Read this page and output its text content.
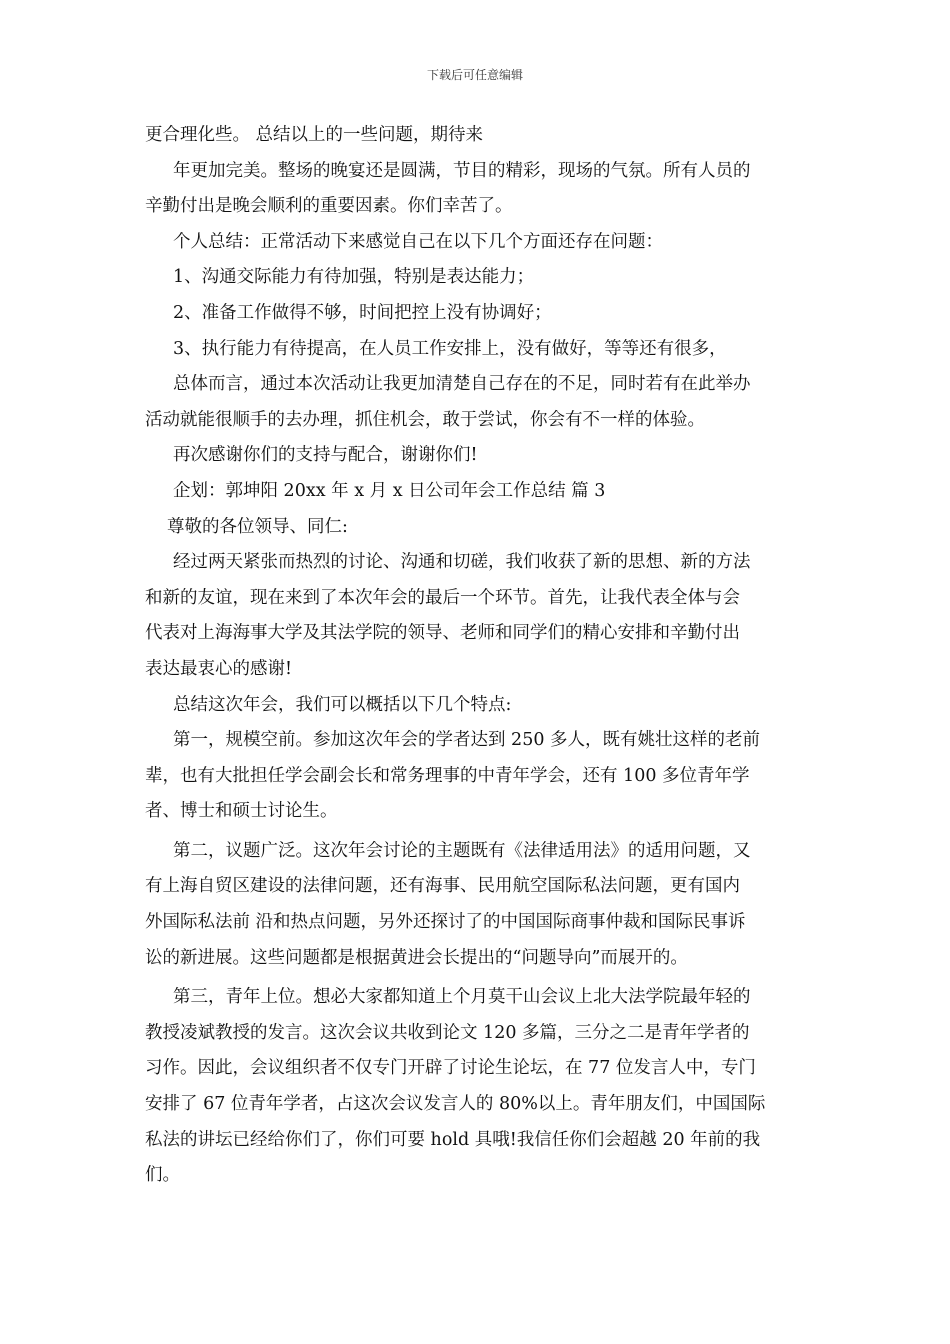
下载后可任意编辑

更合理化些。 总结以上的一些问题，期待来

年更加完美。整场的晚宴还是圆满，节目的精彩，现场的气氛。所有人员的

辛勤付出是晚会顺利的重要因素。你们幸苦了。

个人总结：正常活动下来感觉自己在以下几个方面还存在问题：

1、沟通交际能力有待加强，特别是表达能力；

2、准备工作做得不够，时间把控上没有协调好；

3、执行能力有待提高，在人员工作安排上，没有做好，等等还有很多，

总体而言，通过本次活动让我更加清楚自己存在的不足，同时若有在此举办

活动就能很顺手的去办理，抓住机会，敢于尝试，你会有不一样的体验。

再次感谢你们的支持与配合，谢谢你们!

企划：郭坤阳 20xx 年 x 月 x 日公司年会工作总结 篇 3

尊敬的各位领导、同仁:

经过两天紧张而热烈的讨论、沟通和切磋，我们收获了新的思想、新的方法

和新的友谊，现在来到了本次年会的最后一个环节。首先，让我代表全体与会

代表对上海海事大学及其法学院的领导、老师和同学们的精心安排和辛勤付出

表达最衷心的感谢!

总结这次年会，我们可以概括以下几个特点:

第一，规模空前。参加这次年会的学者达到 250 多人，既有姚壮这样的老前

辈，也有大批担任学会副会长和常务理事的中青年学会，还有 100 多位青年学

者、博士和硕士讨论生。

第二，议题广泛。这次年会讨论的主题既有《法律适用法》的适用问题，又

有上海自贸区建设的法律问题，还有海事、民用航空国际私法问题，更有国内

外国际私法前 沿和热点问题，另外还探讨了的中国国际商事仲裁和国际民事诉

讼的新进展。这些问题都是根据黄进会长提出的“问题导向”而展开的。

第三，青年上位。想必大家都知道上个月莫干山会议上北大法学院最年轻的

教授凌斌教授的发言。这次会议共收到论文 120 多篇，三分之二是青年学者的

习作。因此，会议组织者不仅专门开辟了讨论生论坛，在 77 位发言人中，专门

安排了 67 位青年学者，占这次会议发言人的 80%以上。青年朋友们，中国国际

私法的讲坛已经给你们了，你们可要 hold 具哦!我信任你们会超越 20 年前的我

们。
